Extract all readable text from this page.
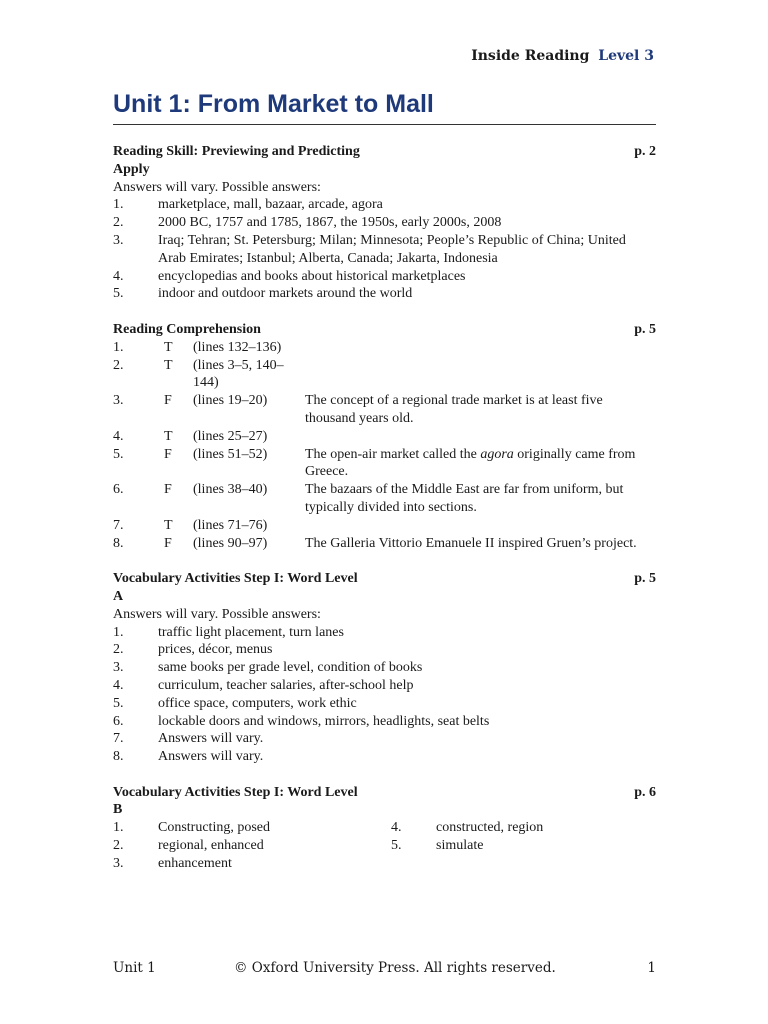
Inside Reading Level 3
Unit 1: From Market to Mall
Reading Skill: Previewing and Predicting	p. 2
Apply
Answers will vary. Possible answers:
1.	marketplace, mall, bazaar, arcade, agora
2.	2000 BC, 1757 and 1785, 1867, the 1950s, early 2000s, 2008
3.	Iraq; Tehran; St. Petersburg; Milan; Minnesota; People’s Republic of China; United Arab Emirates; Istanbul; Alberta, Canada; Jakarta, Indonesia
4.	encyclopedias and books about historical marketplaces
5.	indoor and outdoor markets around the world
Reading Comprehension	p. 5
1.	T	(lines 132–136)
2.	T	(lines 3–5, 140–144)
3.	F	(lines 19–20)	The concept of a regional trade market is at least five thousand years old.
4.	T	(lines 25–27)
5.	F	(lines 51–52)	The open-air market called the agora originally came from Greece.
6.	F	(lines 38–40)	The bazaars of the Middle East are far from uniform, but typically divided into sections.
7.	T	(lines 71–76)
8.	F	(lines 90–97)	The Galleria Vittorio Emanuele II inspired Gruen’s project.
Vocabulary Activities Step I: Word Level	p. 5
A
Answers will vary. Possible answers:
1.	traffic light placement, turn lanes
2.	prices, décor, menus
3.	same books per grade level, condition of books
4.	curriculum, teacher salaries, after-school help
5.	office space, computers, work ethic
6.	lockable doors and windows, mirrors, headlights, seat belts
7.	Answers will vary.
8.	Answers will vary.
Vocabulary Activities Step I: Word Level	p. 6
B
1.	Constructing, posed
2.	regional, enhanced
3.	enhancement
4.	constructed, region
5.	simulate
Unit 1	© Oxford University Press. All rights reserved.	1
